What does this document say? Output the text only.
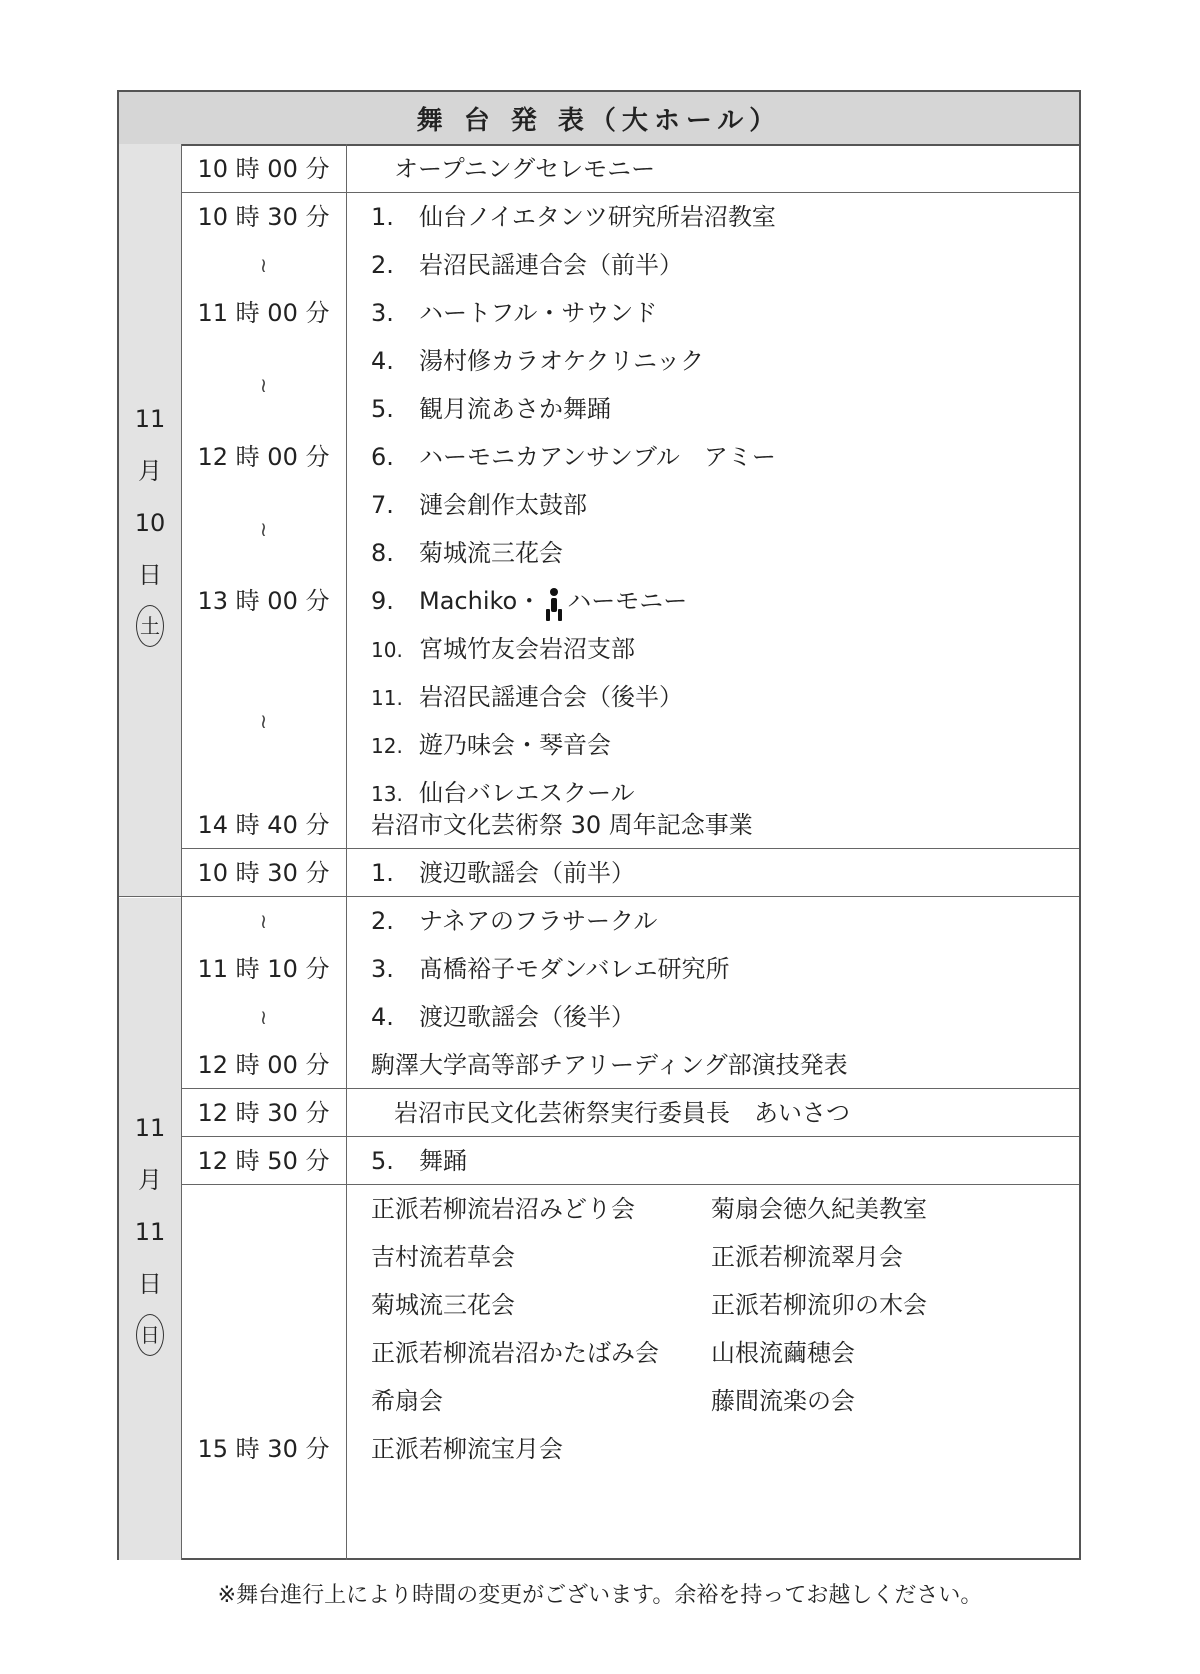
舞 台 発 表（大ホール）
11
月
10
日
土
11
月
11
日
日
10 時 00 分
10 時 30 分
≀
11 時 00 分
≀
12 時 00 分
≀
13 時 00 分
≀
14 時 40 分
オープニングセレモニー
1. 仙台ノイエタンツ研究所岩沼教室
2. 岩沼民謡連合会（前半）
3. ハートフル・サウンド
4. 湯村修カラオケクリニック
5. 観月流あさか舞踊
6. ハーモニカアンサンブル　アミー
7. 漣会創作太鼓部
8. 菊城流三花会
9. Machiko・ ハーモニー
10. 宮城竹友会岩沼支部
11. 岩沼民謡連合会（後半）
12. 遊乃味会・琴音会
13. 仙台バレエスクール
岩沼市文化芸術祭 30 周年記念事業
10 時 30 分
≀
11 時 10 分
≀
12 時 00 分
12 時 30 分
12 時 50 分
15 時 30 分
1. 渡辺歌謡会（前半）
2. ナネアのフラサークル
3. 髙橋裕子モダンバレエ研究所
4. 渡辺歌謡会（後半）
駒澤大学高等部チアリーディング部演技発表
岩沼市民文化芸術祭実行委員長　あいさつ
5. 舞踊
正派若柳流岩沼みどり会
吉村流若草会
菊城流三花会
正派若柳流岩沼かたばみ会
希扇会
正派若柳流宝月会
菊扇会徳久紀美教室
正派若柳流翠月会
正派若柳流卯の木会
山根流繭穂会
藤間流楽の会
※舞台進行上により時間の変更がございます。余裕を持ってお越しください。
